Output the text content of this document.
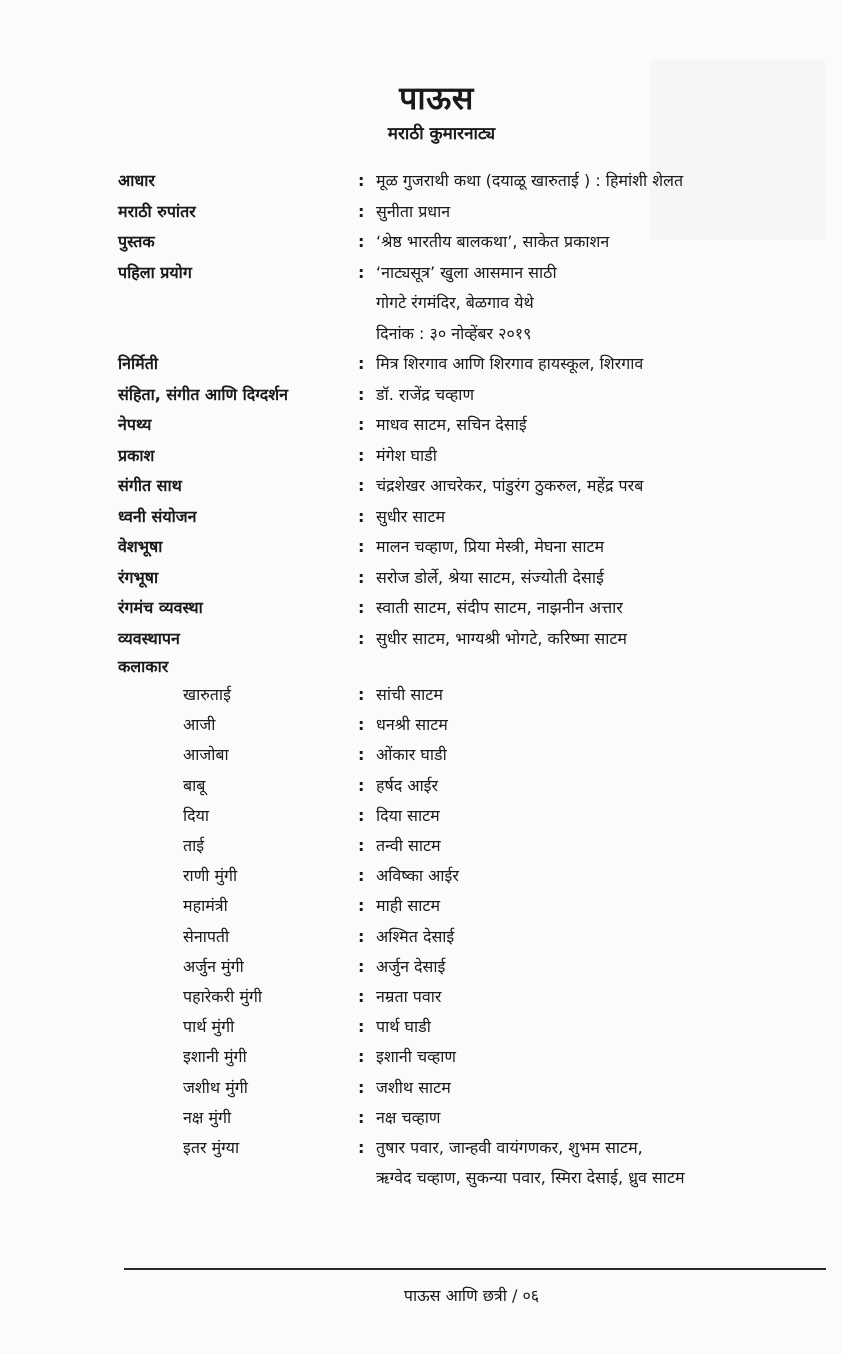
पाऊस
मराठी कुमारनाट्य
आधार	: मूळ गुजराथी कथा (दयाळू खारुताई ) : हिमांशी शेलत
मराठी रुपांतर	: सुनीता प्रधान
पुस्तक	: ‘श्रेष्ठ भारतीय बालकथा’, साकेत प्रकाशन
पहिला प्रयोग	: ‘नाट्यसूत्र’ खुला आसमान साठी
गोगटे रंगमंदिर, बेळगाव येथे
दिनांक : ३० नोव्हेंबर २०१९
निर्मिती	: मित्र शिरगाव आणि शिरगाव हायस्कूल, शिरगाव
संहिता, संगीत आणि दिग्दर्शन	: डॉ. राजेंद्र चव्हाण
नेपथ्य	: माधव साटम, सचिन देसाई
प्रकाश	: मंगेश घाडी
संगीत साथ	: चंद्रशेखर आचरेकर, पांडुरंग ठुकरुल, महेंद्र परब
ध्वनी संयोजन	: सुधीर साटम
वेशभूषा	: मालन चव्हाण, प्रिया मेस्त्री, मेघना साटम
रंगभूषा	: सरोज डोर्ले, श्रेया साटम, संज्योती देसाई
रंगमंच व्यवस्था	: स्वाती साटम, संदीप साटम, नाझनीन अत्तार
व्यवस्थापन	: सुधीर साटम, भाग्यश्री भोगटे, करिष्मा साटम
कलाकार
खारुताई	: सांची साटम
आजी	: धनश्री साटम
आजोबा	: ओंकार घाडी
बाबू	: हर्षद आईर
दिया	: दिया साटम
ताई	: तन्वी साटम
राणी मुंगी	: अविष्का आईर
महामंत्री	: माही साटम
सेनापती	: अश्मित देसाई
अर्जुन मुंगी	: अर्जुन देसाई
पहारेकरी मुंगी	: नम्रता पवार
पार्थ मुंगी	: पार्थ घाडी
इशानी मुंगी	: इशानी चव्हाण
जशीथ मुंगी	: जशीथ साटम
नक्ष मुंगी	: नक्ष चव्हाण
इतर मुंग्या	: तुषार पवार, जान्हवी वायंगणकर, शुभम साटम,
ऋग्वेद चव्हाण, सुकन्या पवार, स्मिरा देसाई, ध्रुव साटम
पाऊस आणि छत्री / ०६
